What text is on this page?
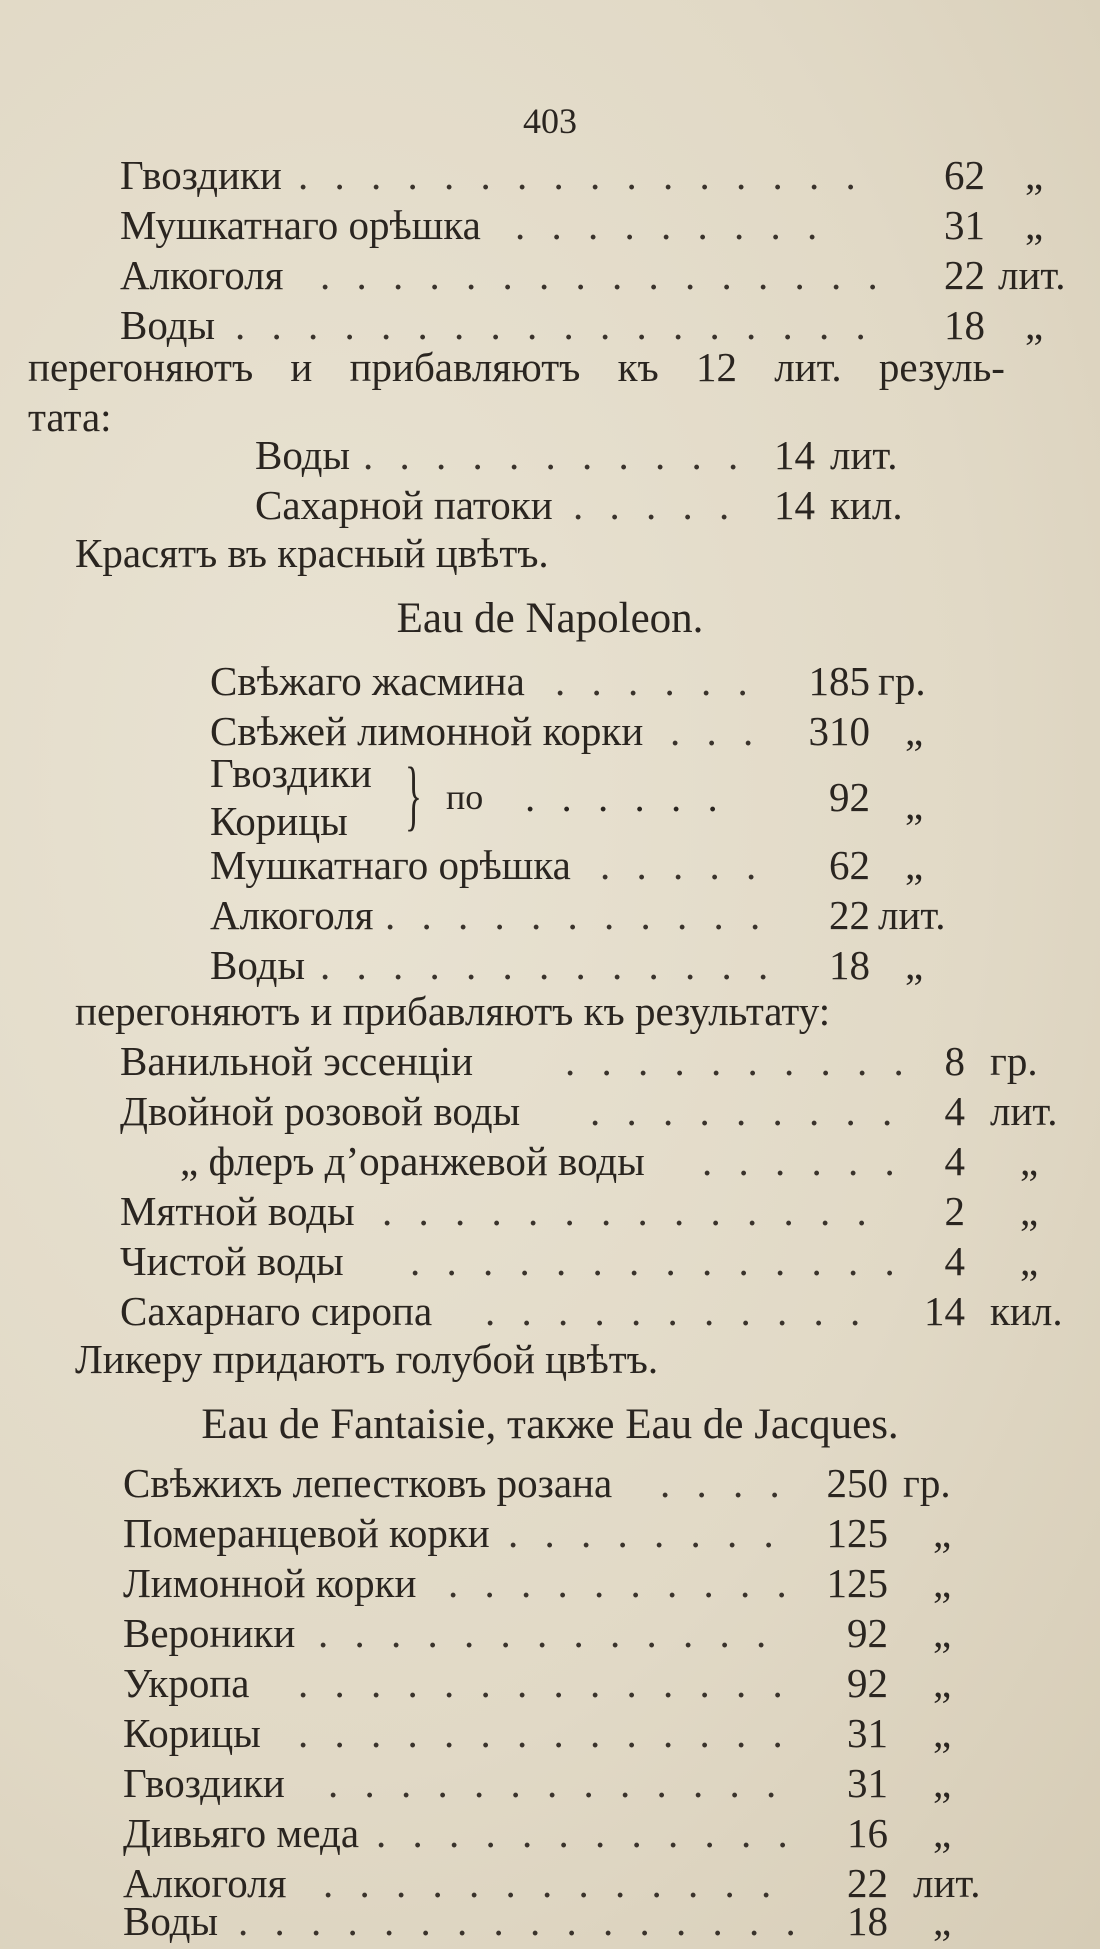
403
Гвоздики . . . . . . . . . . . . . . . .	62 „
Мушкатнаго орѣшка . . . . . . . . .	31 „
Алкоголя . . . . . . . . . . . . . . . .	22 лит.
Воды . . . . . . . . . . . . . . . . . .	18 „
перегоняютъ и прибавляютъ къ 12 лит. резуль-
тата:
Воды . . . . . . . . . . . 14 лит.
Сахарной патоки . . . . . 14 кил.
Красятъ въ красный цвѣтъ.
Eau de Napoleon.
Свѣжаго жасмина . . . . . .	185 гр.
Свѣжей лимонной корки . . .	310 „
Гвоздики
Корицы } по . . . . . .	92 „
Мушкатнаго орѣшка . . . . .	62 „
Алкоголя . . . . . . . . . . .	22 лит.
Воды . . . . . . . . . . . . .	18 „
перегоняютъ и прибавляютъ къ результату:
Ванильной эссенціи . . . . . . . . . . 8 гр.
Двойной розовой воды . . . . . . . . .	4 лит.
„ флеръ д’оранжевой воды . . . . . .	4 „
Мятной воды . . . . . . . . . . . . . .	2 „
Чистой воды . . . . . . . . . . . . . .	4 „
Сахарнаго сиропа . . . . . . . . . . .	14 кил.
Ликеру придаютъ голубой цвѣтъ.
Eau de Fantaisie, также Eau de Jacques.
Свѣжихъ лепестковъ розана . . . . 250 гр.
Померанцевой корки . . . . . . . .	125 „
Лимонной корки . . . . . . . . . . 125 „
Вероники . . . . . . . . . . . . .	92 „
Укропа . . . . . . . . . . . . . .	92 „
Корицы . . . . . . . . . . . . . .	31 „
Гвоздики . . . . . . . . . . . . .	31 „
Дивьяго меда . . . . . . . . . . . .	16 „
Алкоголя . . . . . . . . . . . . .	22 лит.
Воды . . . . . . . . . . . . . . . .	18 „
